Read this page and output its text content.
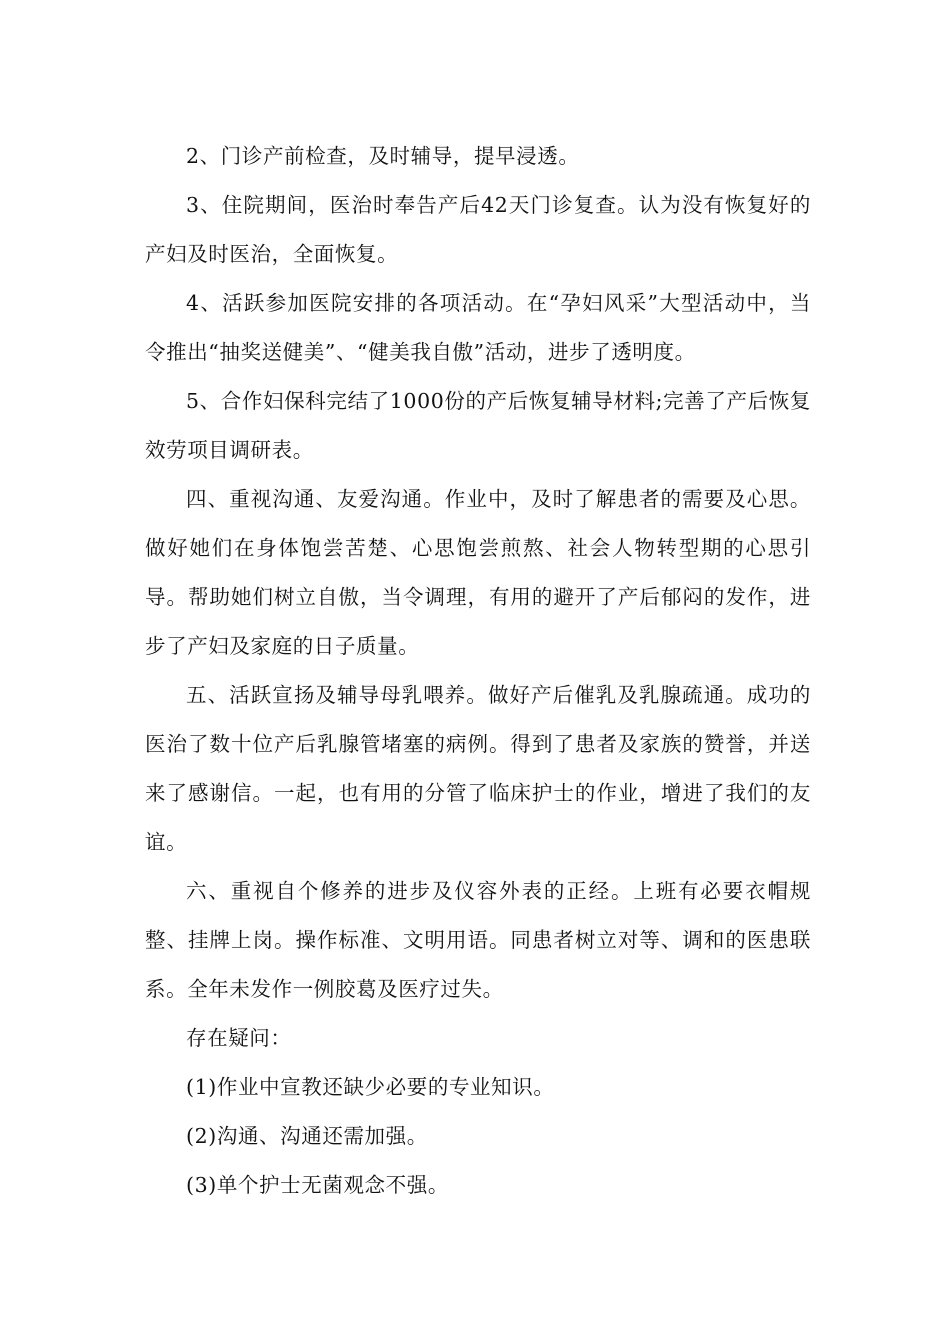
2、门诊产前检查，及时辅导，提早浸透。

3、住院期间，医治时奉告产后42天门诊复查。认为没有恢复好的产妇及时医治，全面恢复。

4、活跃参加医院安排的各项活动。在“孕妇风采”大型活动中，当令推出“抽奖送健美”、“健美我自傲”活动，进步了透明度。

5、合作妇保科完结了1000份的产后恢复辅导材料;完善了产后恢复效劳项目调研表。

四、重视沟通、友爱沟通。作业中，及时了解患者的需要及心思。做好她们在身体饱尝苦楚、心思饱尝煎熬、社会人物转型期的心思引导。帮助她们树立自傲，当令调理，有用的避开了产后郁闷的发作，进步了产妇及家庭的日子质量。

五、活跃宣扬及辅导母乳喂养。做好产后催乳及乳腺疏通。成功的医治了数十位产后乳腺管堵塞的病例。得到了患者及家族的赞誉，并送来了感谢信。一起，也有用的分管了临床护士的作业，增进了我们的友谊。

六、重视自个修养的进步及仪容外表的正经。上班有必要衣帽规整、挂牌上岗。操作标准、文明用语。同患者树立对等、调和的医患联系。全年未发作一例胶葛及医疗过失。

存在疑问：

(1)作业中宣教还缺少必要的专业知识。

(2)沟通、沟通还需加强。

(3)单个护士无菌观念不强。
